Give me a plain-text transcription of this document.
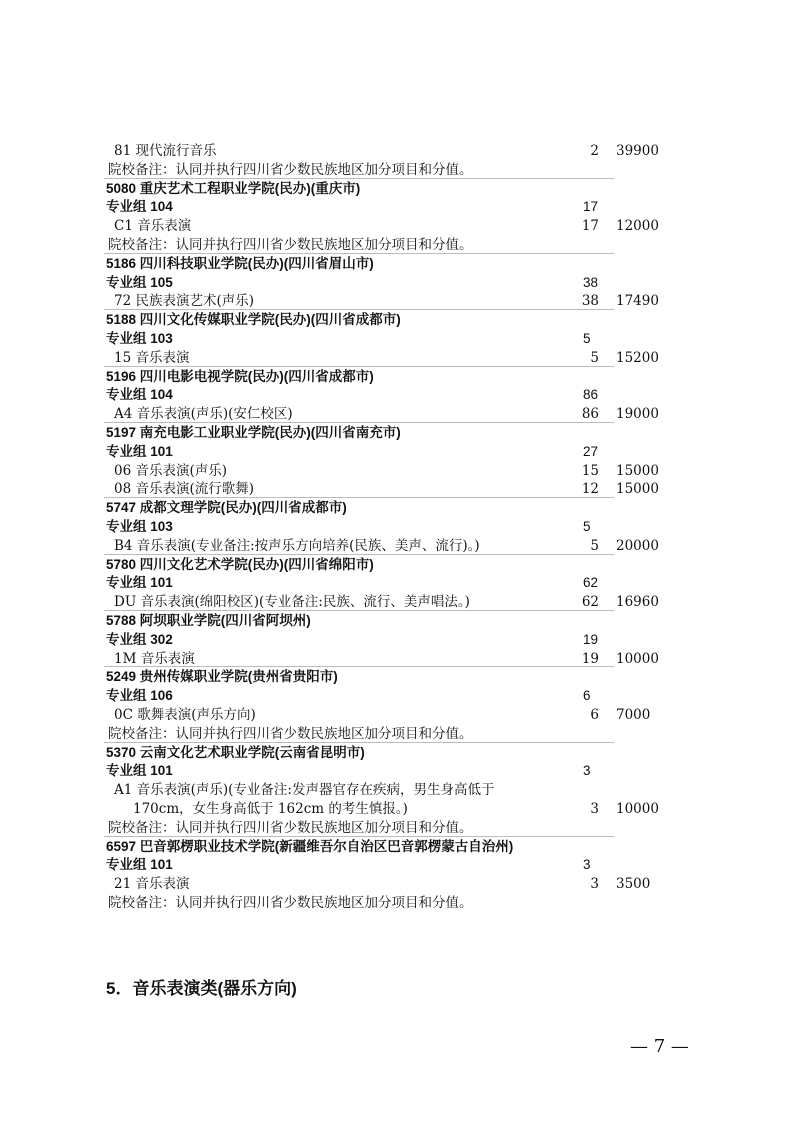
81 现代流行音乐	2 39900
院校备注：认同并执行四川省少数民族地区加分项目和分值。
5080 重庆艺术工程职业学院(民办)(重庆市)
专业组 104	17
C1 音乐表演	17 12000
院校备注：认同并执行四川省少数民族地区加分项目和分值。
5186 四川科技职业学院(民办)(四川省眉山市)
专业组 105	38
72 民族表演艺术(声乐)	38 17490
5188 四川文化传媒职业学院(民办)(四川省成都市)
专业组 103	5
15 音乐表演	5 15200
5196 四川电影电视学院(民办)(四川省成都市)
专业组 104	86
A4 音乐表演(声乐)(安仁校区)	86 19000
5197 南充电影工业职业学院(民办)(四川省南充市)
专业组 101	27
06 音乐表演(声乐)	15 15000
08 音乐表演(流行歌舞)	12 15000
5747 成都文理学院(民办)(四川省成都市)
专业组 103	5
B4 音乐表演(专业备注:按声乐方向培养(民族、美声、流行)。)	5 20000
5780 四川文化艺术学院(民办)(四川省绵阳市)
专业组 101	62
DU 音乐表演(绵阳校区)(专业备注:民族、流行、美声唱法。)	62 16960
5788 阿坝职业学院(四川省阿坝州)
专业组 302	19
1M 音乐表演	19 10000
5249 贵州传媒职业学院(贵州省贵阳市)
专业组 106	6
0C 歌舞表演(声乐方向)	6 7000
院校备注：认同并执行四川省少数民族地区加分项目和分值。
5370 云南文化艺术职业学院(云南省昆明市)
专业组 101	3
A1 音乐表演(声乐)(专业备注:发声器官存在疾病，男生身高低于
170cm，女生身高低于 162cm 的考生慎报。)	3 10000
院校备注：认同并执行四川省少数民族地区加分项目和分值。
6597 巴音郭楞职业技术学院(新疆维吾尔自治区巴音郭楞蒙古自治州)
专业组 101	3
21 音乐表演	3 3500
院校备注：认同并执行四川省少数民族地区加分项目和分值。
5．音乐表演类(器乐方向)
— 7 —
